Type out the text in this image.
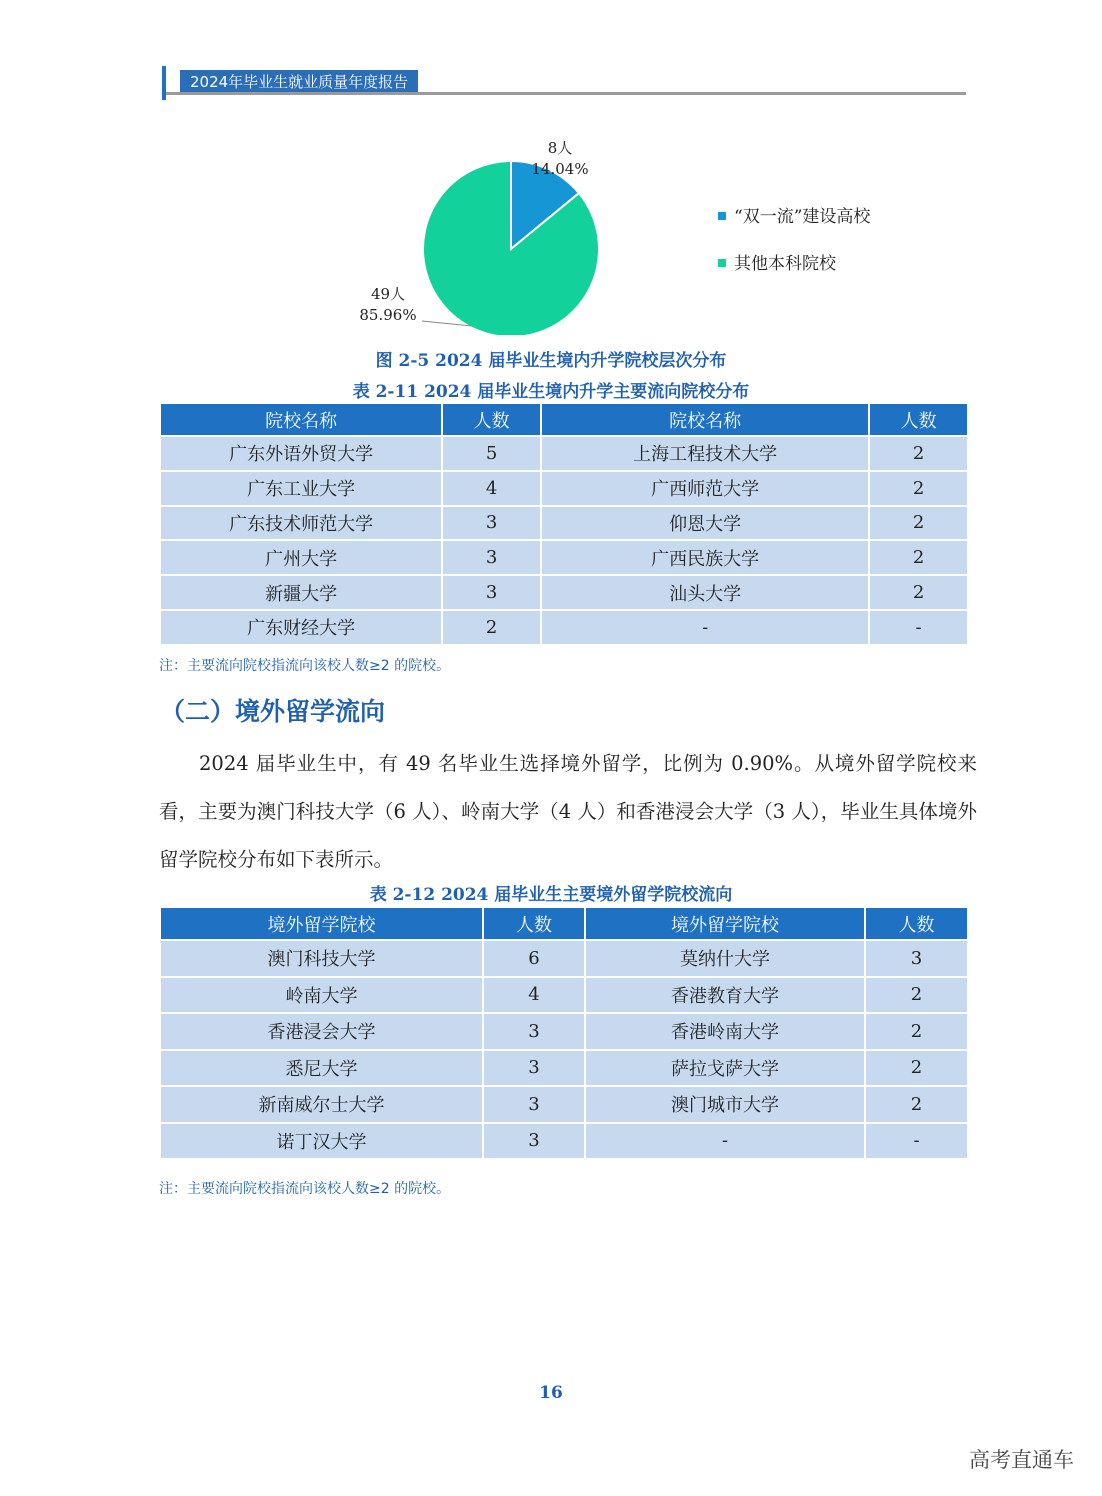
2024年毕业生就业质量年度报告
8人
14.04%
49人
85.96%
“双一流”建设高校
其他本科院校
图 2-5 2024 届毕业生境内升学院校层次分布
表 2-11 2024 届毕业生境内升学主要流向院校分布
院校名称	人数	院校名称	人数
广东外语外贸大学	5	上海工程技术大学	2
广东工业大学	4	广西师范大学	2
广东技术师范大学	3	仰恩大学	2
广州大学	3	广西民族大学	2
新疆大学	3	汕头大学	2
广东财经大学	2	-	-
注：主要流向院校指流向该校人数≥2 的院校。
（二）境外留学流向

2024 届毕业生中，有 49 名毕业生选择境外留学，比例为 0.90%。从境外留学院校来看，主要为澳门科技大学（6 人）、岭南大学（4 人）和香港浸会大学（3 人），毕业生具体境外留学院校分布如下表所示。

表 2-12 2024 届毕业生主要境外留学院校流向
境外留学院校	人数	境外留学院校	人数
澳门科技大学	6	莫纳什大学	3
岭南大学	4	香港教育大学	2
香港浸会大学	3	香港岭南大学	2
悉尼大学	3	萨拉戈萨大学	2
新南威尔士大学	3	澳门城市大学	2
诺丁汉大学	3	-	-
注：主要流向院校指流向该校人数≥2 的院校。
16
高考直通车
